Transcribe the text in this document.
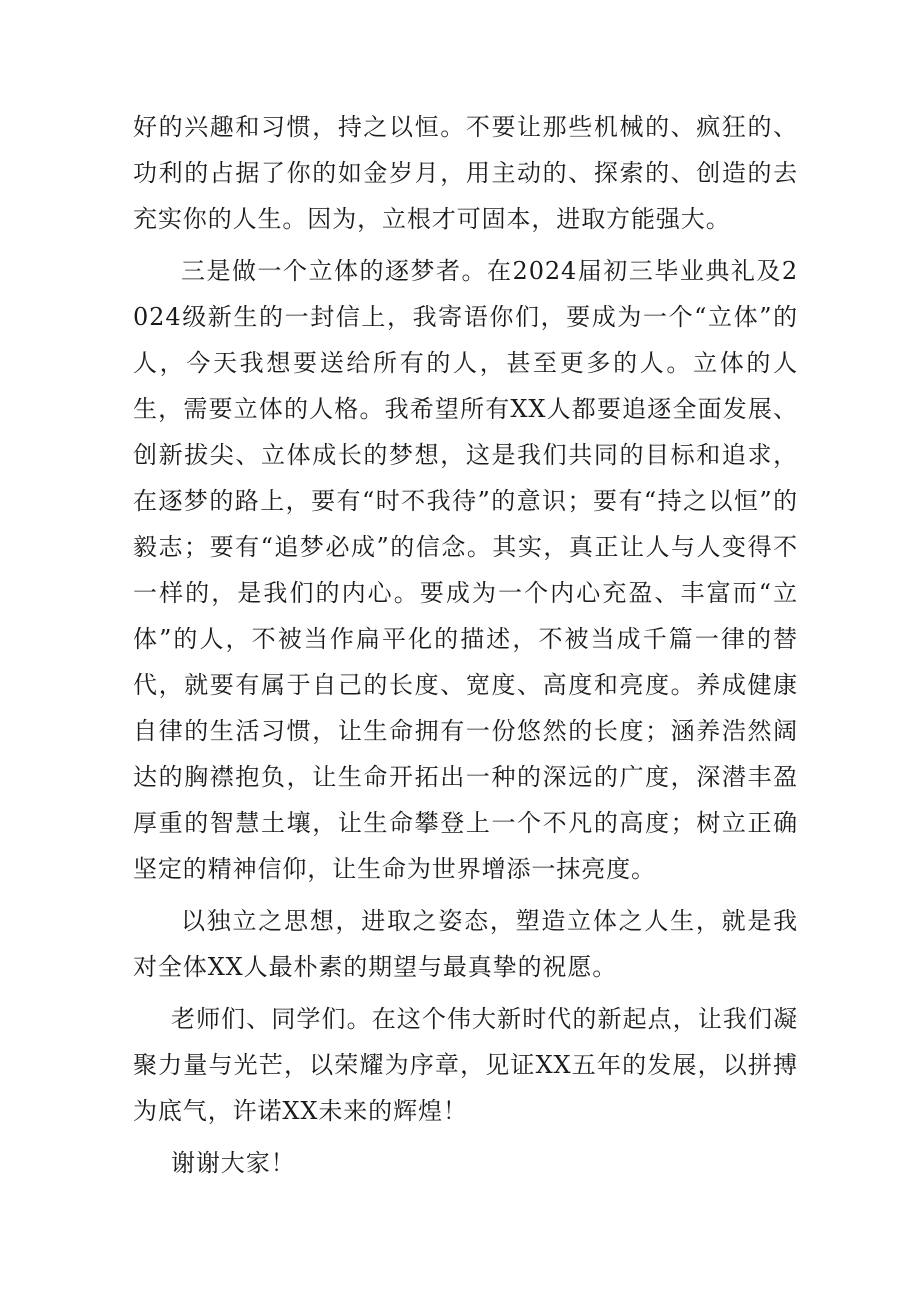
好的兴趣和习惯，持之以恒。不要让那些机械的、疯狂的、功利的占据了你的如金岁月，用主动的、探索的、创造的去充实你的人生。因为，立根才可固本，进取方能强大。

三是做一个立体的逐梦者。在2024届初三毕业典礼及2024级新生的一封信上，我寄语你们，要成为一个“立体”的人，今天我想要送给所有的人，甚至更多的人。立体的人生，需要立体的人格。我希望所有XX人都要追逐全面发展、创新拔尖、立体成长的梦想，这是我们共同的目标和追求，在逐梦的路上，要有“时不我待”的意识；要有“持之以恒”的毅志；要有“追梦必成”的信念。其实，真正让人与人变得不一样的，是我们的内心。要成为一个内心充盈、丰富而“立体”的人，不被当作扁平化的描述，不被当成千篇一律的替代，就要有属于自己的长度、宽度、高度和亮度。养成健康自律的生活习惯，让生命拥有一份悠然的长度；涵养浩然阔达的胸襟抱负，让生命开拓出一种的深远的广度，深潜丰盈厚重的智慧土壤，让生命攀登上一个不凡的高度；树立正确坚定的精神信仰，让生命为世界增添一抹亮度。

以独立之思想，进取之姿态，塑造立体之人生，就是我对全体XX人最朴素的期望与最真挚的祝愿。

老师们、同学们。在这个伟大新时代的新起点，让我们凝聚力量与光芒，以荣耀为序章，见证XX五年的发展，以拼搏为底气，许诺XX未来的辉煌！

谢谢大家！
